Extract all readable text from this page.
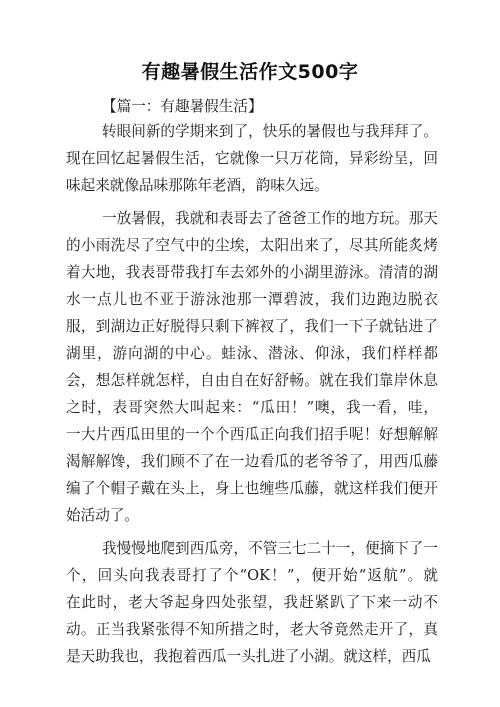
有趣暑假生活作文500字
【篇一：有趣暑假生活】
转眼间新的学期来到了，快乐的暑假也与我拜拜了。
现在回忆起暑假生活，它就像一只万花筒，异彩纷呈，回
味起来就像品味那陈年老酒，韵味久远。
一放暑假，我就和表哥去了爸爸工作的地方玩。那天
的小雨洗尽了空气中的尘埃，太阳出来了，尽其所能炙烤
着大地，我表哥带我打车去郊外的小湖里游泳。清清的湖
水一点儿也不亚于游泳池那一潭碧波，我们边跑边脱衣
服，到湖边正好脱得只剩下裤衩了，我们一下子就钻进了
湖里，游向湖的中心。蛙泳、潜泳、仰泳，我们样样都
会，想怎样就怎样，自由自在好舒畅。就在我们靠岸休息
之时，表哥突然大叫起来：“瓜田！”噢，我一看，哇，
一大片西瓜田里的一个个西瓜正向我们招手呢！好想解解
渴解解馋，我们顾不了在一边看瓜的老爷爷了，用西瓜藤
编了个帽子戴在头上，身上也缠些瓜藤，就这样我们便开
始活动了。
我慢慢地爬到西瓜旁，不管三七二十一，便摘下了一
个，回头向我表哥打了个“OK！”，便开始“返航”。就
在此时，老大爷起身四处张望，我赶紧趴了下来一动不
动。正当我紧张得不知所措之时，老大爷竟然走开了，真
是天助我也，我抱着西瓜一头扎进了小湖。就这样，西瓜
